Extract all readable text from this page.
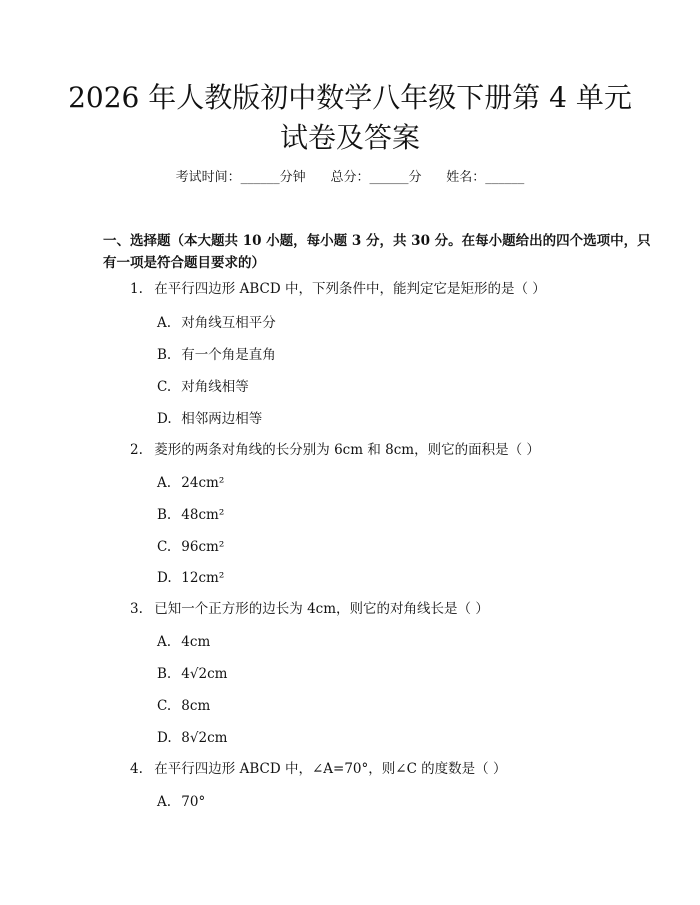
2026 年人教版初中数学八年级下册第 4 单元
试卷及答案
考试时间：______分钟 总分：______分 姓名：______
一、选择题（本大题共 10 小题，每小题 3 分，共 30 分。在每小题给出的四个选项中，只有一项是符合题目要求的）
1. 在平行四边形 ABCD 中，下列条件中，能判定它是矩形的是（ ）
A. 对角线互相平分
B. 有一个角是直角
C. 对角线相等
D. 相邻两边相等
2. 菱形的两条对角线的长分别为 6cm 和 8cm，则它的面积是（ ）
A. 24cm²
B. 48cm²
C. 96cm²
D. 12cm²
3. 已知一个正方形的边长为 4cm，则它的对角线长是（ ）
A. 4cm
B. 4√2cm
C. 8cm
D. 8√2cm
4. 在平行四边形 ABCD 中，∠A=70°，则∠C 的度数是（ ）
A. 70°
